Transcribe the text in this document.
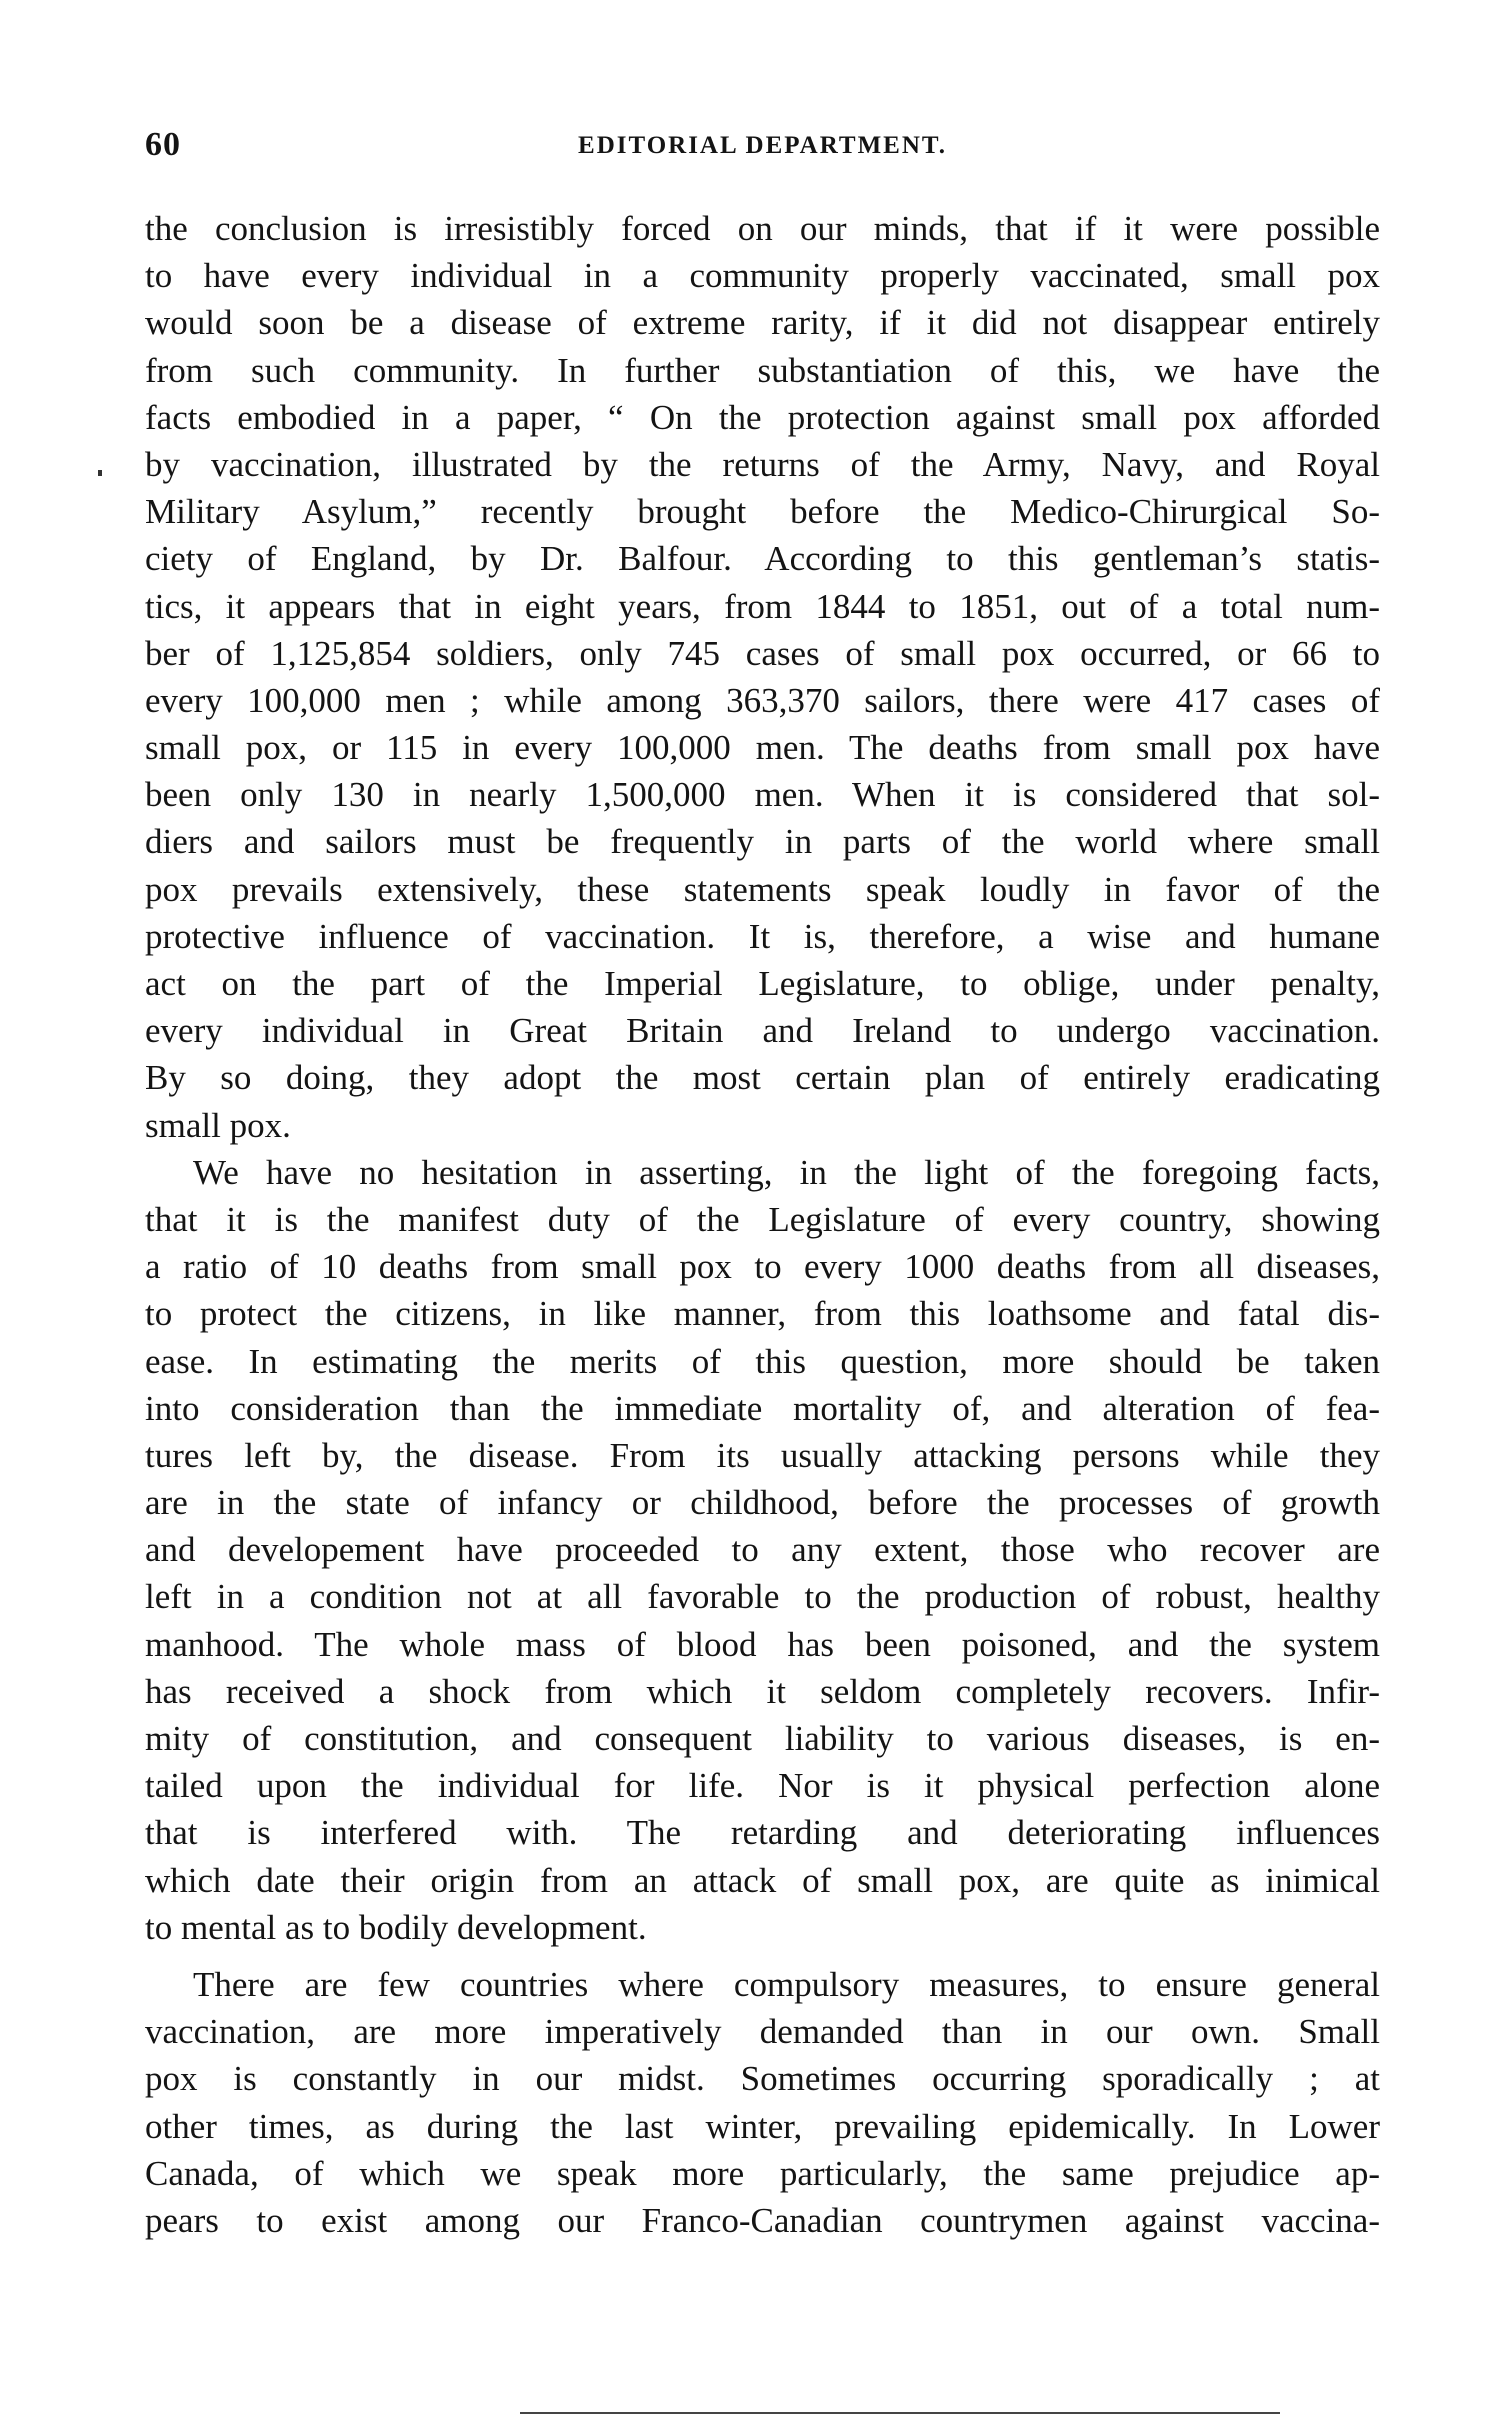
60	EDITORIAL DEPARTMENT.
the conclusion is irresistibly forced on our minds, that if it were possible
to have every individual in a community properly vaccinated, small pox
would soon be a disease of extreme rarity, if it did not disappear entirely
from such community. In further substantiation of this, we have the
facts embodied in a paper, “ On the protection against small pox afforded
by vaccination, illustrated by the returns of the Army, Navy, and Royal
Military Asylum,” recently brought before the Medico-Chirurgical So-
ciety of England, by Dr. Balfour. According to this gentleman’s statis-
tics, it appears that in eight years, from 1844 to 1851, out of a total num-
ber of 1,125,854 soldiers, only 745 cases of small pox occurred, or 66 to
every 100,000 men ; while among 363,370 sailors, there were 417 cases of
small pox, or 115 in every 100,000 men. The deaths from small pox have
been only 130 in nearly 1,500,000 men. When it is considered that sol-
diers and sailors must be frequently in parts of the world where small
pox prevails extensively, these statements speak loudly in favor of the
protective influence of vaccination. It is, therefore, a wise and humane
act on the part of the Imperial Legislature, to oblige, under penalty,
every individual in Great Britain and Ireland to undergo vaccination.
By so doing, they adopt the most certain plan of entirely eradicating
small pox.
We have no hesitation in asserting, in the light of the foregoing facts,
that it is the manifest duty of the Legislature of every country, showing
a ratio of 10 deaths from small pox to every 1000 deaths from all diseases,
to protect the citizens, in like manner, from this loathsome and fatal dis-
ease. In estimating the merits of this question, more should be taken
into consideration than the immediate mortality of, and alteration of fea-
tures left by, the disease. From its usually attacking persons while they
are in the state of infancy or childhood, before the processes of growth
and developement have proceeded to any extent, those who recover are
left in a condition not at all favorable to the production of robust, healthy
manhood. The whole mass of blood has been poisoned, and the system
has received a shock from which it seldom completely recovers. Infir-
mity of constitution, and consequent liability to various diseases, is en-
tailed upon the individual for life. Nor is it physical perfection alone
that is interfered with. The retarding and deteriorating influences
which date their origin from an attack of small pox, are quite as inimical
to mental as to bodily development.
There are few countries where compulsory measures, to ensure general
vaccination, are more imperatively demanded than in our own. Small
pox is constantly in our midst. Sometimes occurring sporadically ; at
other times, as during the last winter, prevailing epidemically. In Lower
Canada, of which we speak more particularly, the same prejudice ap-
pears to exist among our Franco-Canadian countrymen against vaccina-
